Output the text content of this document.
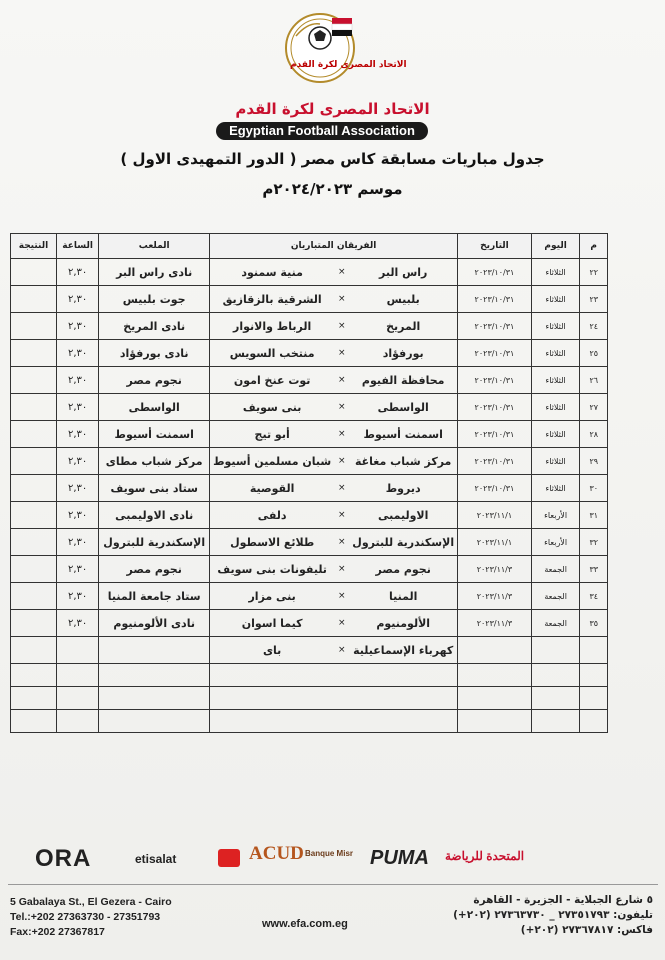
الاتحاد المصرى لكرة القدم
الاتحاد المصرى لكرة القدم
Egyptian Football Association
جدول مباريات مسابقة كاس مصر ( الدور التمهيدى الاول )
موسم ٢٠٢٤/٢٠٢٣م
م	اليوم	التاريخ	الفريقان المتباريان			الملعب	الساعة	النتيجة
٢٢	الثلاثاء	٢٠٢٣/١٠/٣١	راس البر	×	منية سمنود	نادى راس البر	٢,٣٠	
٢٣	الثلاثاء	٢٠٢٣/١٠/٣١	بلبيس	×	الشرقية بالزقازيق	جوت بلبيس	٢,٣٠	
٢٤	الثلاثاء	٢٠٢٣/١٠/٣١	المريخ	×	الرباط والانوار	نادى المريخ	٢,٣٠	
٢٥	الثلاثاء	٢٠٢٣/١٠/٣١	بورفؤاد	×	منتخب السويس	نادى بورفؤاد	٢,٣٠	
٢٦	الثلاثاء	٢٠٢٣/١٠/٣١	محافظة الفيوم	×	توت عنخ امون	نجوم مصر	٢,٣٠	
٢٧	الثلاثاء	٢٠٢٣/١٠/٣١	الواسطى	×	بنى سويف	الواسطى	٢,٣٠	
٢٨	الثلاثاء	٢٠٢٣/١٠/٣١	اسمنت أسيوط	×	أبو تيج	اسمنت أسيوط	٢,٣٠	
٢٩	الثلاثاء	٢٠٢٣/١٠/٣١	مركز شباب مغاغة	×	شبان مسلمين أسيوط	مركز شباب مطاى	٢,٣٠	
٣٠	الثلاثاء	٢٠٢٣/١٠/٣١	ديروط	×	القوصية	ستاد بنى سويف	٢,٣٠	
٣١	الأربعاء	٢٠٢٣/١١/١	الاوليمبى	×	دلفى	نادى الاوليمبى	٢,٣٠	
٣٢	الأربعاء	٢٠٢٣/١١/١	الإسكندرية للبترول	×	طلائع الاسطول	الإسكندرية للبترول	٢,٣٠	
٣٣	الجمعة	٢٠٢٣/١١/٣	نجوم مصر	×	تليفونات بنى سويف	نجوم مصر	٢,٣٠	
٣٤	الجمعة	٢٠٢٣/١١/٣	المنيا	×	بنى مزار	ستاد جامعة المنيا	٢,٣٠	
٣٥	الجمعة	٢٠٢٣/١١/٣	الألومنيوم	×	كيما اسوان	نادى الألومنيوم	٢,٣٠	
			كهرباء الإسماعيلية	×	باى			

ORA	etisalat	ACUD Banque Misr PUMA المتحدة للرياضة
5 Gabalaya St., El Gezera - Cairo
Tel.:+202 27363730 - 27351793
Fax:+202 27367817
www.efa.com.eg
٥ شارع الجبلاية - الجزيرة - القاهرة
تليفون: ٢٧٣٥١٧٩٣ _ ٢٧٣٦٣٧٣٠ (٢٠٢+)
فاكس: ٢٧٣٦٧٨١٧ (٢٠٢+)
